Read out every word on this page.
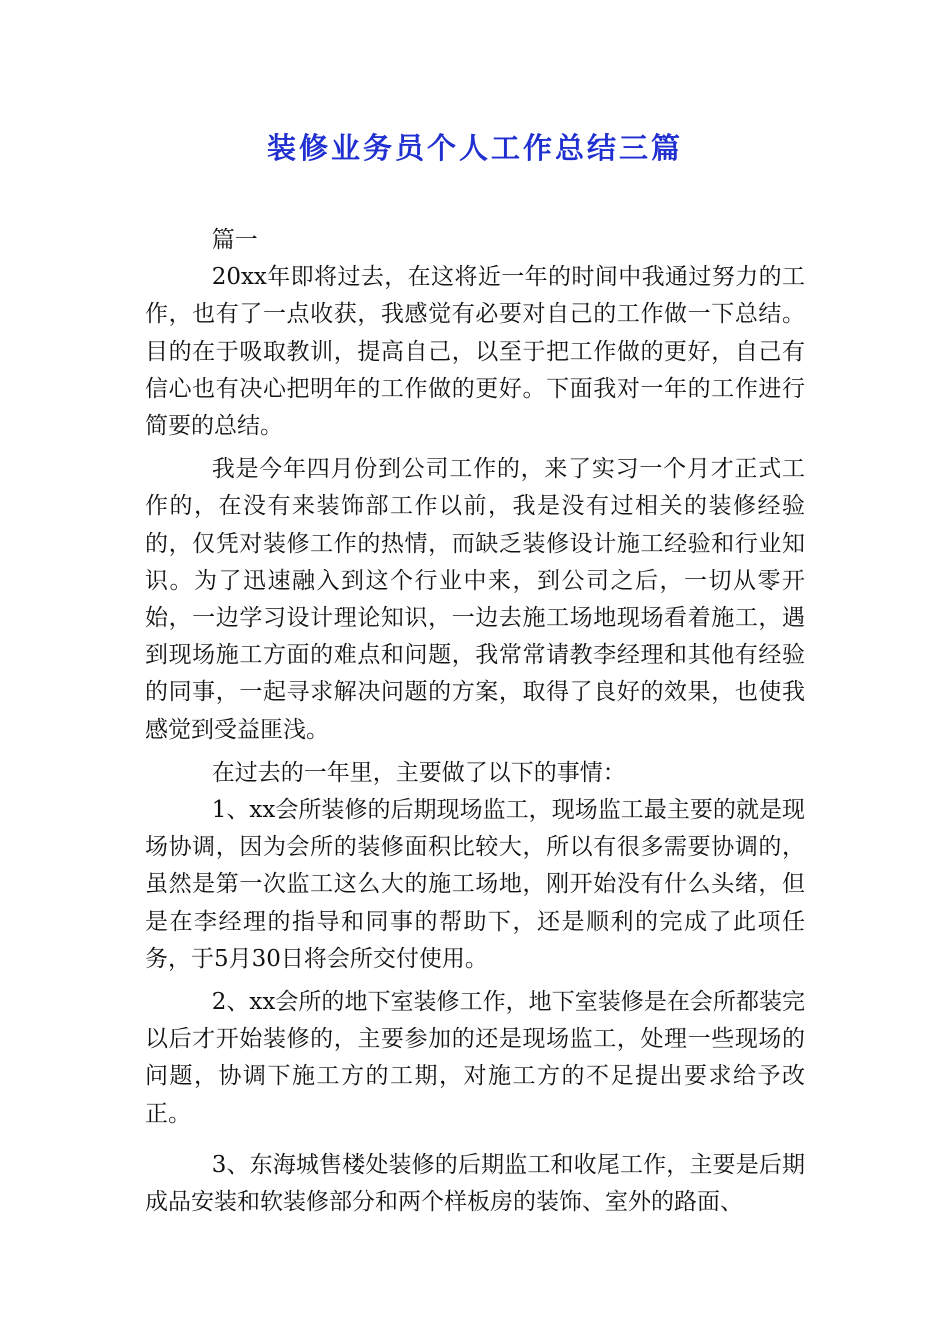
装修业务员个人工作总结三篇

篇一

20xx年即将过去，在这将近一年的时间中我通过努力的工作，也有了一点收获，我感觉有必要对自己的工作做一下总结。目的在于吸取教训，提高自己，以至于把工作做的更好，自己有信心也有决心把明年的工作做的更好。下面我对一年的工作进行简要的总结。

我是今年四月份到公司工作的，来了实习一个月才正式工作的，在没有来装饰部工作以前，我是没有过相关的装修经验的，仅凭对装修工作的热情，而缺乏装修设计施工经验和行业知识。为了迅速融入到这个行业中来，到公司之后，一切从零开始，一边学习设计理论知识，一边去施工场地现场看着施工，遇到现场施工方面的难点和问题，我常常请教李经理和其他有经验的同事，一起寻求解决问题的方案，取得了良好的效果，也使我感觉到受益匪浅。

在过去的一年里，主要做了以下的事情：

1、xx会所装修的后期现场监工，现场监工最主要的就是现场协调，因为会所的装修面积比较大，所以有很多需要协调的，虽然是第一次监工这么大的施工场地，刚开始没有什么头绪，但是在李经理的指导和同事的帮助下，还是顺利的完成了此项任务，于5月30日将会所交付使用。

2、xx会所的地下室装修工作，地下室装修是在会所都装完以后才开始装修的，主要参加的还是现场监工，处理一些现场的问题，协调下施工方的工期，对施工方的不足提出要求给予改正。

3、东海城售楼处装修的后期监工和收尾工作，主要是后期成品安装和软装修部分和两个样板房的装饰、室外的路面、
